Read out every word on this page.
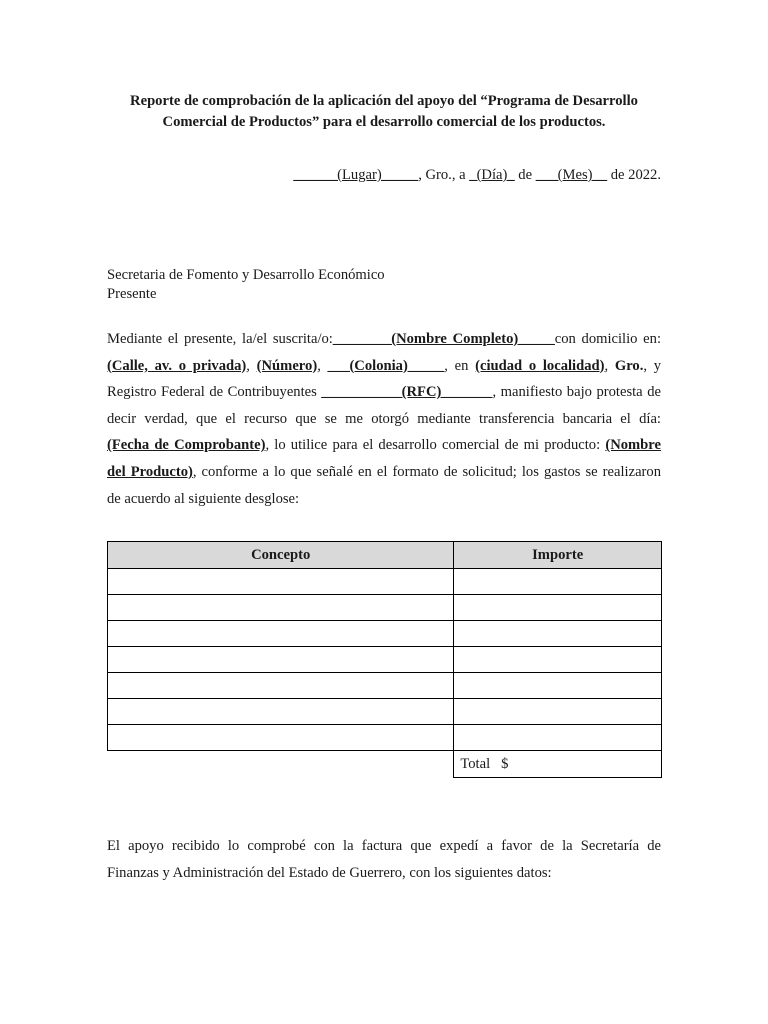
Reporte de comprobación de la aplicación del apoyo del “Programa de Desarrollo
Comercial de Productos” para el desarrollo comercial de los productos.
______(Lugar)_____, Gro., a _(Día)_ de ___(Mes)__ de 2022.
Secretaria de Fomento y Desarrollo Económico
Presente
Mediante el presente, la/el suscrita/o:________(Nombre Completo)_____con domicilio en:
(Calle, av. o privada), (Número), ___(Colonia)_____, en (ciudad o localidad), Gro., y
Registro Federal de Contribuyentes ___________(RFC)_______, manifiesto bajo protesta de
decir verdad, que el recurso que se me otorgó mediante transferencia bancaria el día:
(Fecha de Comprobante), lo utilice para el desarrollo comercial de mi producto: (Nombre
del Producto), conforme a lo que señalé en el formato de solicitud; los gastos se realizaron
de acuerdo al siguiente desglose:
Concepto	Importe

	Total   $
El apoyo recibido lo comprobé con la factura que expedí a favor de la Secretaría de
Finanzas y Administración del Estado de Guerrero, con los siguientes datos:
